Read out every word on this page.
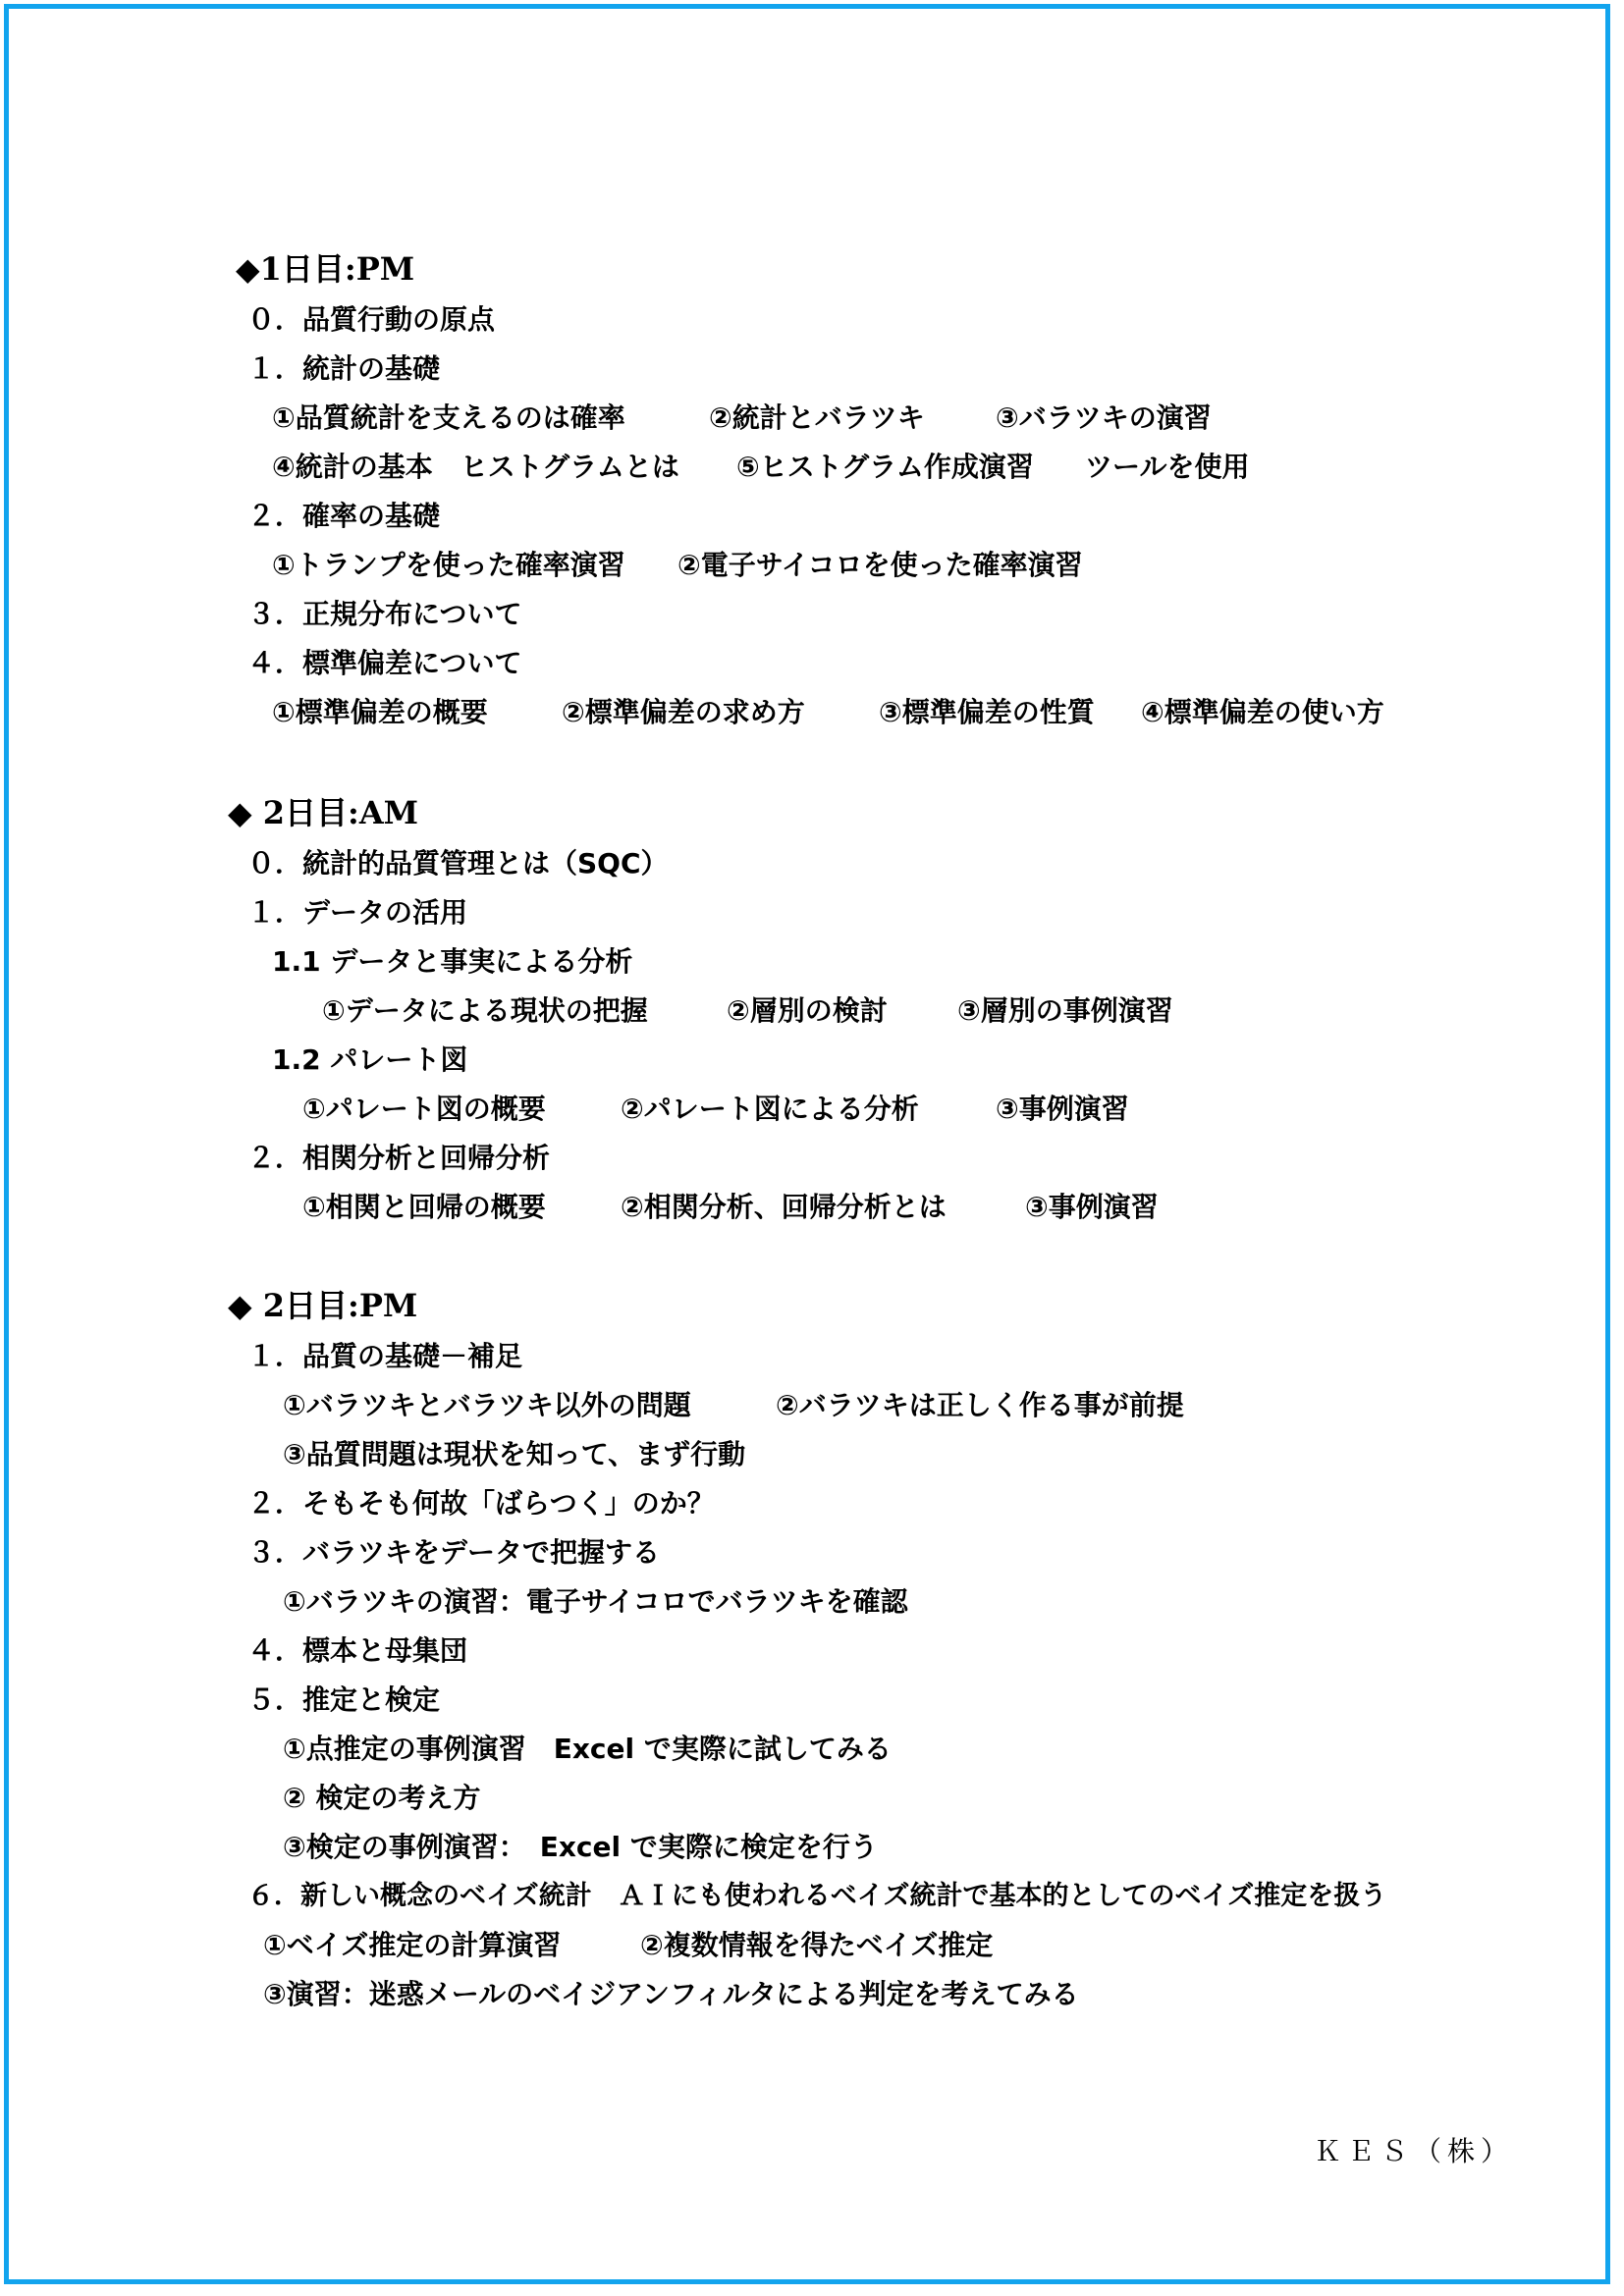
◆1日目:PM
０．品質行動の原点
１．統計の基礎
①品質統計を支えるのは確率	②統計とバラツキ	③バラツキの演習
④統計の基本　ヒストグラムとは ⑤ヒストグラム作成演習 ツールを使用
２．確率の基礎
①トランプを使った確率演習 ②電子サイコロを使った確率演習
３．正規分布について
４．標準偏差について
①標準偏差の概要	②標準偏差の求め方	③標準偏差の性質 ④標準偏差の使い方
◆ 2日目:AM
０．統計的品質管理とは（SQC）
１．データの活用
1.1 データと事実による分析
①データによる現状の把握	②層別の検討	③層別の事例演習
1.2 パレート図
①パレート図の概要	②パレート図による分析	③事例演習
２．相関分析と回帰分析
①相関と回帰の概要	②相関分析、回帰分析とは	③事例演習
◆ 2日目:PM
１．品質の基礎－補足
①バラツキとバラツキ以外の問題	②バラツキは正しく作る事が前提
③品質問題は現状を知って、まず行動
２．そもそも何故「ばらつく」のか？
３．バラツキをデータで把握する
①バラツキの演習：電子サイコロでバラツキを確認
４．標本と母集団
５．推定と検定
①点推定の事例演習　Excel で実際に試してみる
② 検定の考え方
③検定の事例演習：　Excel で実際に検定を行う
６．新しい概念のベイズ統計　ＡＩにも使われるベイズ統計で基本的としてのベイズ推定を扱う
①ベイズ推定の計算演習	②複数情報を得たベイズ推定
③演習：迷惑メールのベイジアンフィルタによる判定を考えてみる
ＫＥＳ（株）
